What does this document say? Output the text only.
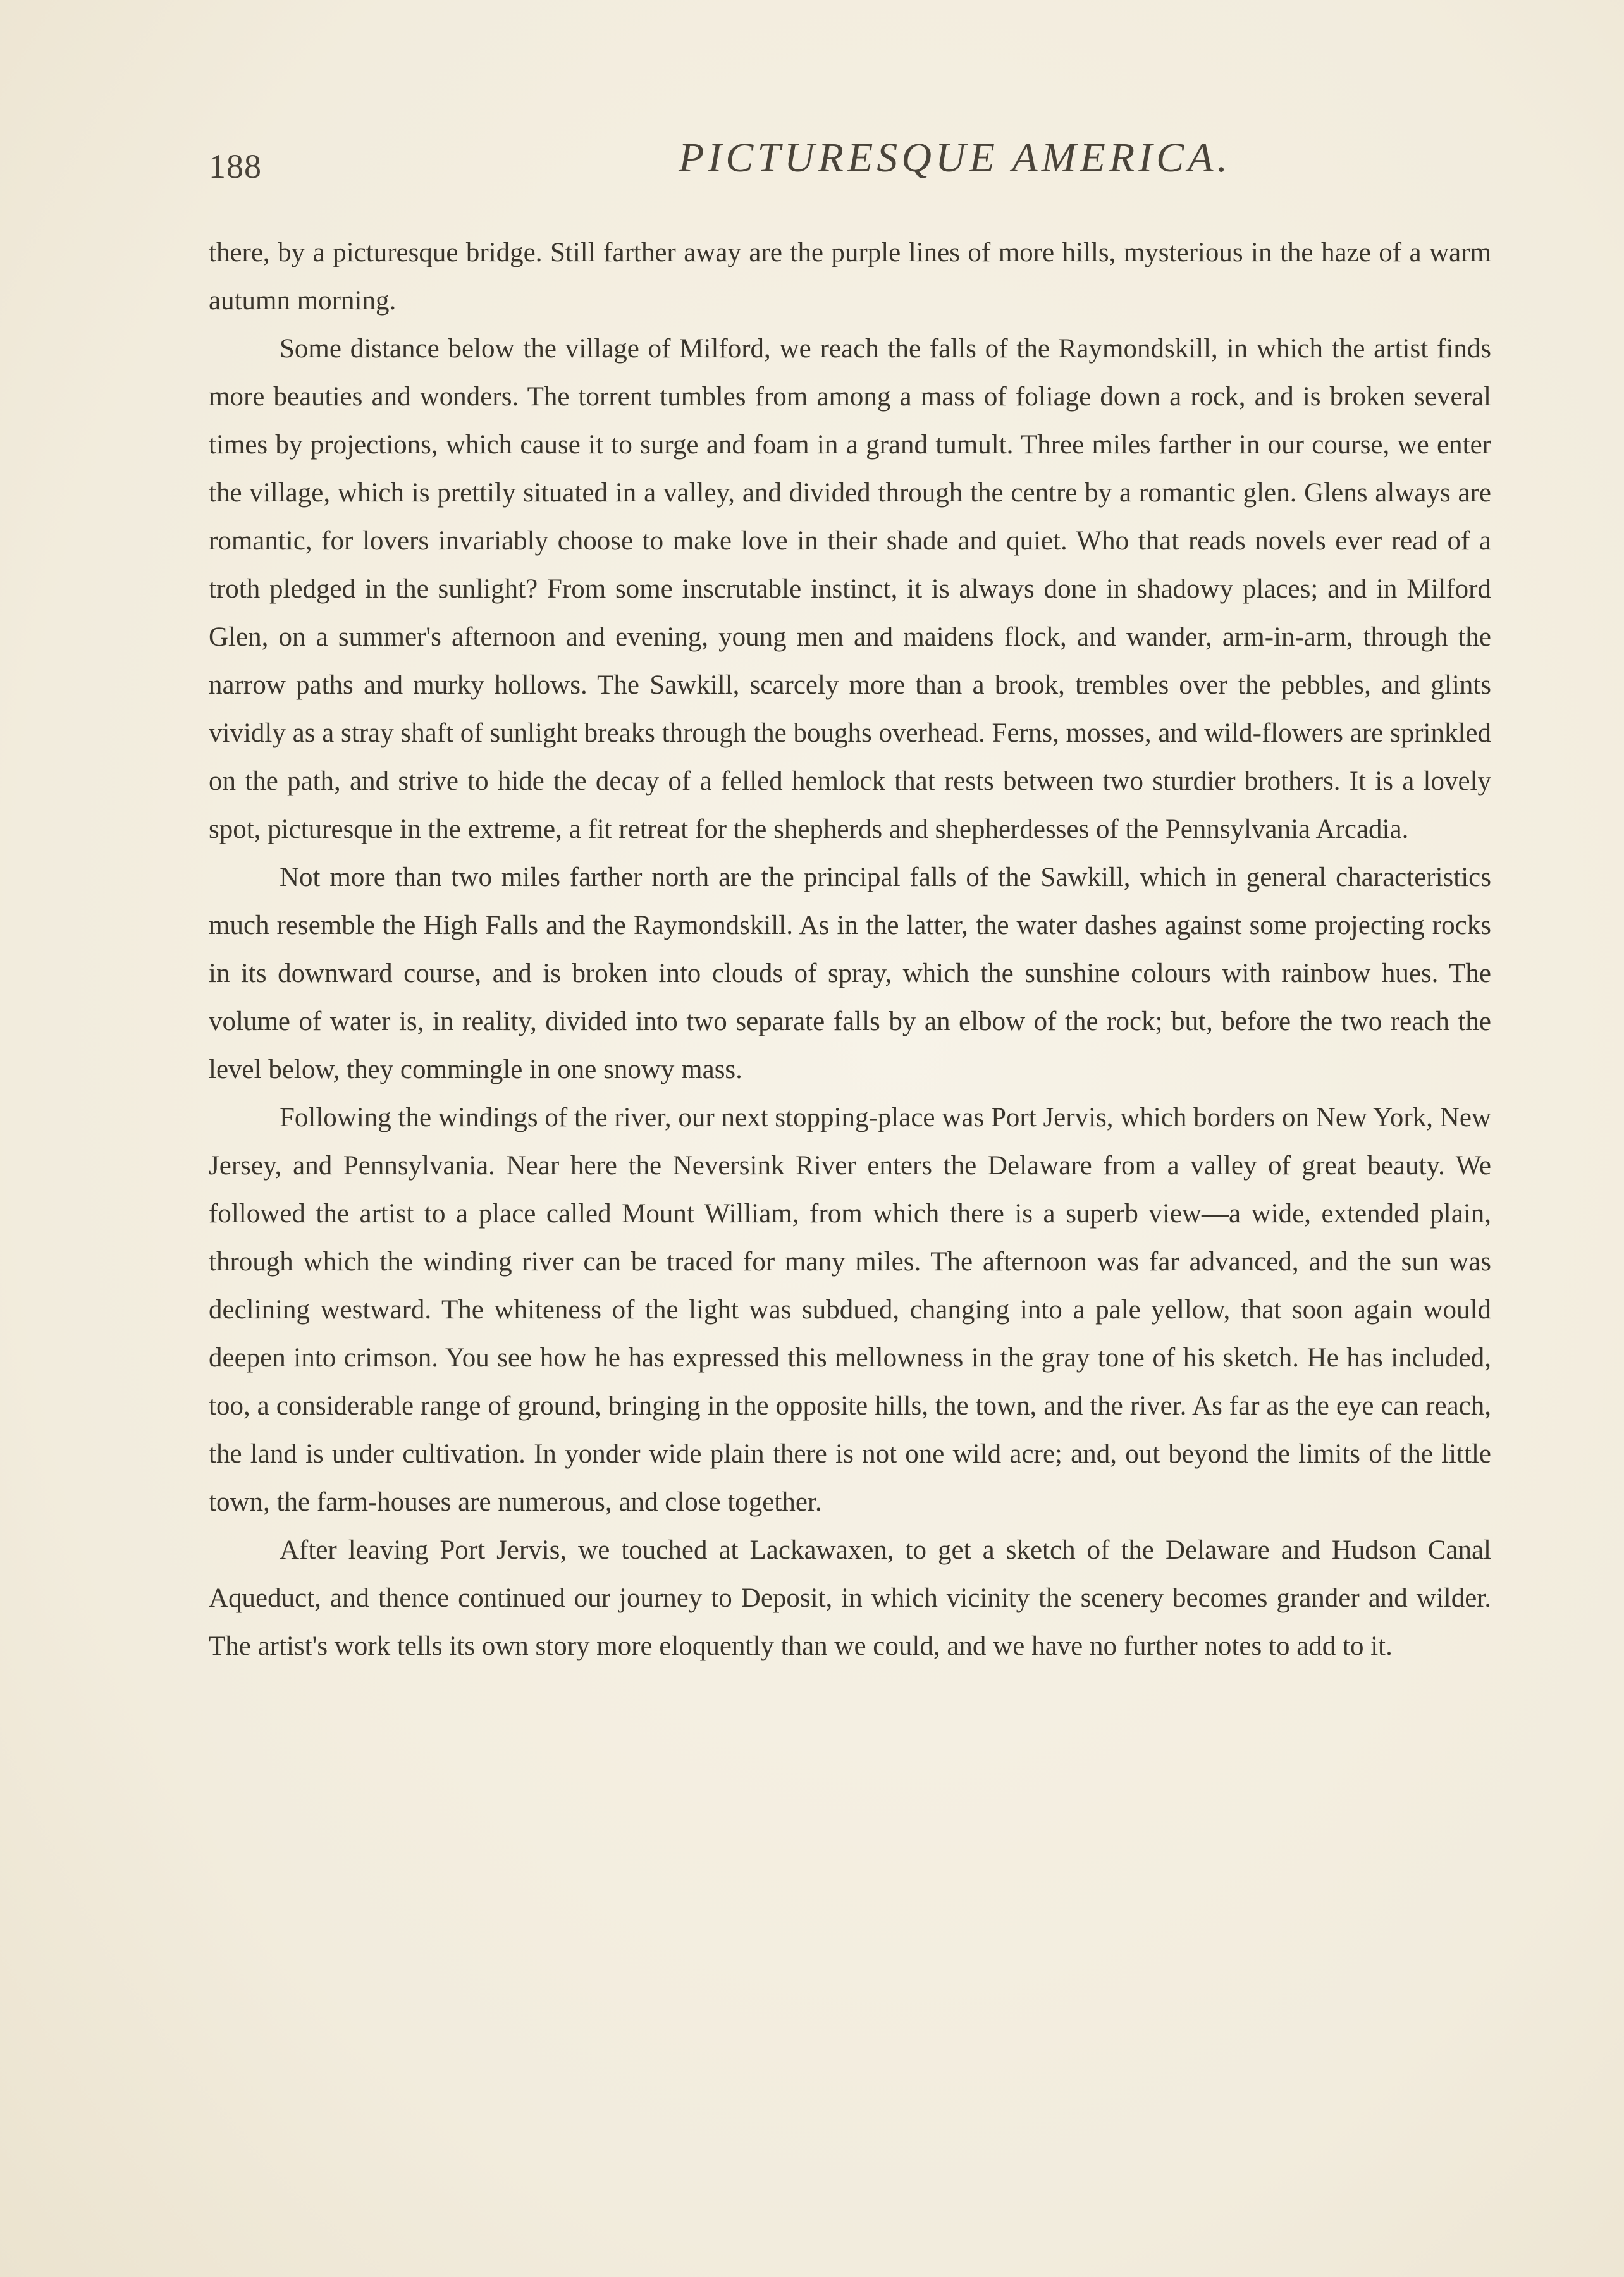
188	PICTURESQUE AMERICA.

there, by a picturesque bridge. Still farther away are the purple lines of more hills, mysterious in the haze of a warm autumn morning.

Some distance below the village of Milford, we reach the falls of the Raymondskill, in which the artist finds more beauties and wonders. The torrent tumbles from among a mass of foliage down a rock, and is broken several times by projections, which cause it to surge and foam in a grand tumult. Three miles farther in our course, we enter the village, which is prettily situated in a valley, and divided through the centre by a romantic glen. Glens always are romantic, for lovers invariably choose to make love in their shade and quiet. Who that reads novels ever read of a troth pledged in the sunlight? From some inscrutable instinct, it is always done in shadowy places; and in Milford Glen, on a summer's afternoon and evening, young men and maidens flock, and wander, arm-in-arm, through the narrow paths and murky hollows. The Sawkill, scarcely more than a brook, trembles over the pebbles, and glints vividly as a stray shaft of sunlight breaks through the boughs overhead. Ferns, mosses, and wild-flowers are sprinkled on the path, and strive to hide the decay of a felled hemlock that rests between two sturdier brothers. It is a lovely spot, picturesque in the extreme, a fit retreat for the shepherds and shepherdesses of the Pennsylvania Arcadia.

Not more than two miles farther north are the principal falls of the Sawkill, which in general characteristics much resemble the High Falls and the Raymondskill. As in the latter, the water dashes against some projecting rocks in its downward course, and is broken into clouds of spray, which the sunshine colours with rainbow hues. The volume of water is, in reality, divided into two separate falls by an elbow of the rock; but, before the two reach the level below, they commingle in one snowy mass.

Following the windings of the river, our next stopping-place was Port Jervis, which borders on New York, New Jersey, and Pennsylvania. Near here the Neversink River enters the Delaware from a valley of great beauty. We followed the artist to a place called Mount William, from which there is a superb view—a wide, extended plain, through which the winding river can be traced for many miles. The afternoon was far advanced, and the sun was declining westward. The whiteness of the light was subdued, changing into a pale yellow, that soon again would deepen into crimson. You see how he has expressed this mellowness in the gray tone of his sketch. He has included, too, a considerable range of ground, bringing in the opposite hills, the town, and the river. As far as the eye can reach, the land is under cultivation. In yonder wide plain there is not one wild acre; and, out beyond the limits of the little town, the farm-houses are numerous, and close together.

After leaving Port Jervis, we touched at Lackawaxen, to get a sketch of the Delaware and Hudson Canal Aqueduct, and thence continued our journey to Deposit, in which vicinity the scenery becomes grander and wilder. The artist's work tells its own story more eloquently than we could, and we have no further notes to add to it.
